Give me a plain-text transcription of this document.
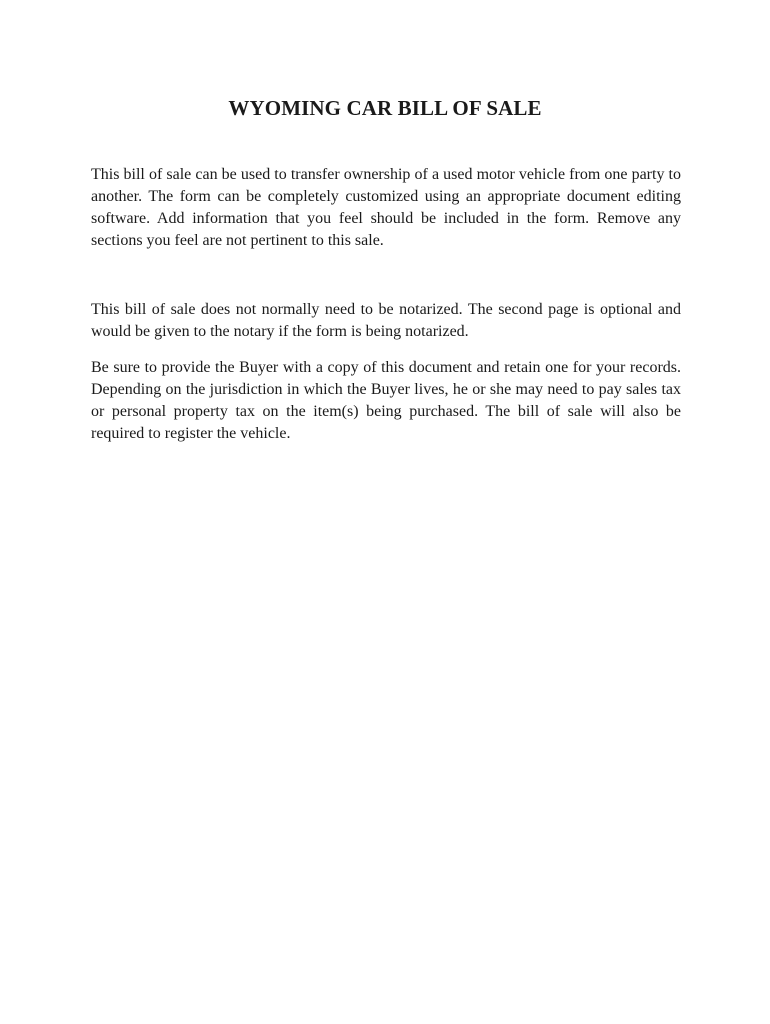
WYOMING CAR BILL OF SALE

This bill of sale can be used to transfer ownership of a used motor vehicle from one party to another. The form can be completely customized using an appropriate document editing software. Add information that you feel should be included in the form. Remove any sections you feel are not pertinent to this sale.

This bill of sale does not normally need to be notarized. The second page is optional and would be given to the notary if the form is being notarized.

Be sure to provide the Buyer with a copy of this document and retain one for your records. Depending on the jurisdiction in which the Buyer lives, he or she may need to pay sales tax or personal property tax on the item(s) being purchased. The bill of sale will also be required to register the vehicle.
